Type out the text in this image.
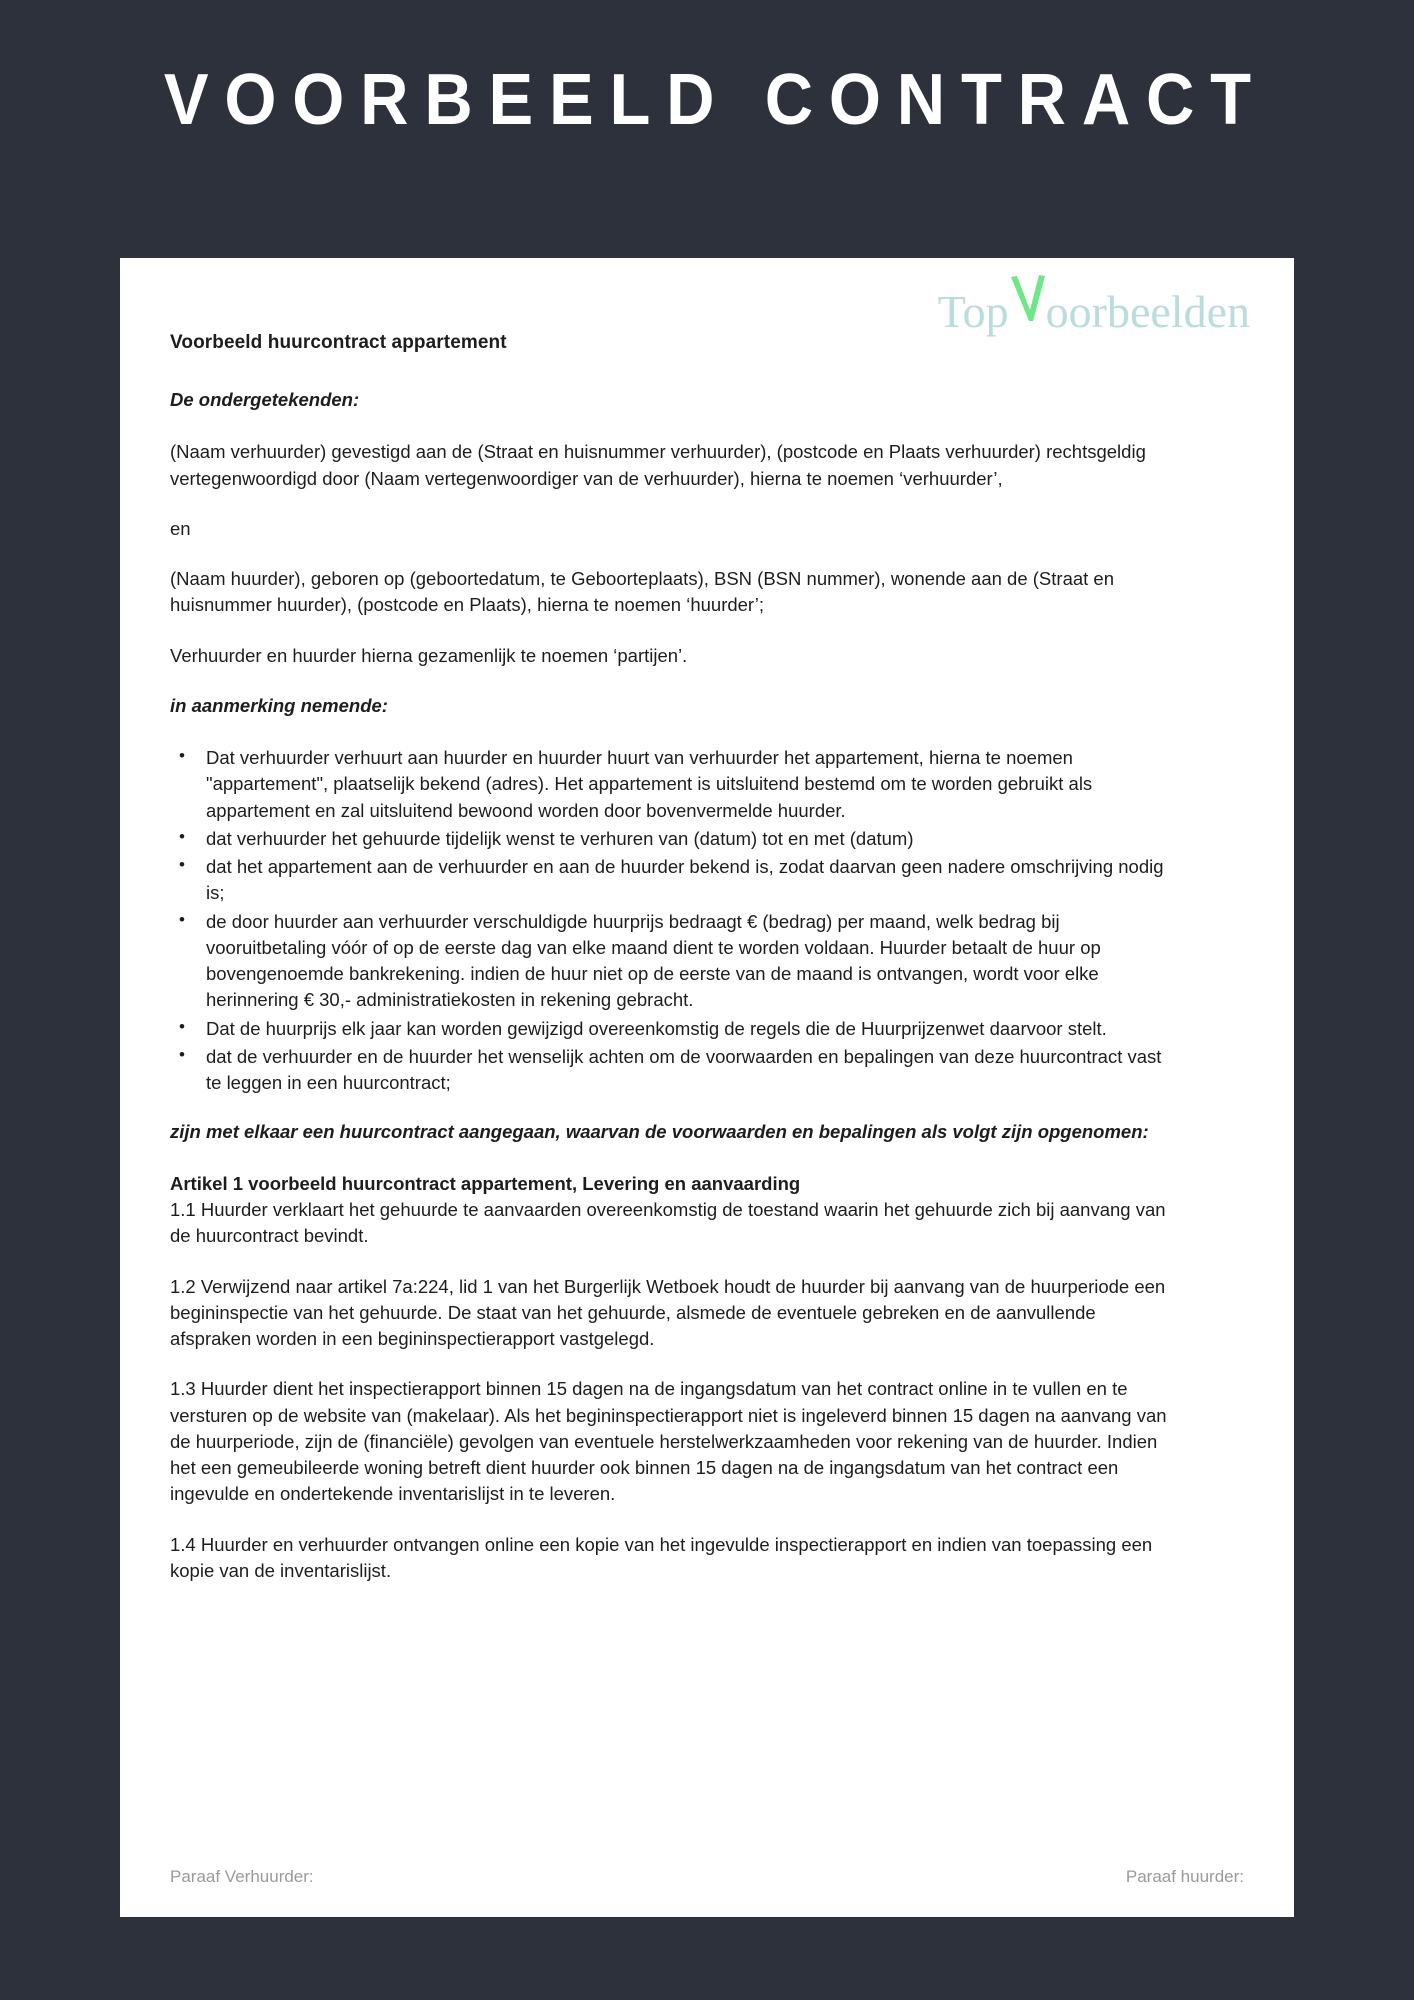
VOORBEELD CONTRACT
Top oorbeelden

Voorbeeld huurcontract appartement

De ondergetekenden:

(Naam verhuurder) gevestigd aan de (Straat en huisnummer verhuurder), (postcode en Plaats verhuurder) rechtsgeldig vertegenwoordigd door (Naam vertegenwoordiger van de verhuurder), hierna te noemen ‘verhuurder’,

en

(Naam huurder), geboren op (geboortedatum, te Geboorteplaats), BSN (BSN nummer), wonende aan de (Straat en huisnummer huurder), (postcode en Plaats), hierna te noemen ‘huurder’;

Verhuurder en huurder hierna gezamenlijk te noemen ‘partijen’.

in aanmerking nemende:

• Dat verhuurder verhuurt aan huurder en huurder huurt van verhuurder het appartement, hierna te noemen "appartement", plaatselijk bekend (adres). Het appartement is uitsluitend bestemd om te worden gebruikt als appartement en zal uitsluitend bewoond worden door bovenvermelde huurder.
• dat verhuurder het gehuurde tijdelijk wenst te verhuren van (datum) tot en met (datum)
• dat het appartement aan de verhuurder en aan de huurder bekend is, zodat daarvan geen nadere omschrijving nodig is;
• de door huurder aan verhuurder verschuldigde huurprijs bedraagt € (bedrag) per maand, welk bedrag bij vooruitbetaling vóór of op de eerste dag van elke maand dient te worden voldaan. Huurder betaalt de huur op bovengenoemde bankrekening. indien de huur niet op de eerste van de maand is ontvangen, wordt voor elke herinnering € 30,- administratiekosten in rekening gebracht.
• Dat de huurprijs elk jaar kan worden gewijzigd overeenkomstig de regels die de Huurprijzenwet daarvoor stelt.
• dat de verhuurder en de huurder het wenselijk achten om de voorwaarden en bepalingen van deze huurcontract vast te leggen in een huurcontract;

zijn met elkaar een huurcontract aangegaan, waarvan de voorwaarden en bepalingen als volgt zijn opgenomen:

Artikel 1 voorbeeld huurcontract appartement, Levering en aanvaarding

1.1 Huurder verklaart het gehuurde te aanvaarden overeenkomstig de toestand waarin het gehuurde zich bij aanvang van de huurcontract bevindt.

1.2 Verwijzend naar artikel 7a:224, lid 1 van het Burgerlijk Wetboek houdt de huurder bij aanvang van de huurperiode een begininspectie van het gehuurde. De staat van het gehuurde, alsmede de eventuele gebreken en de aanvullende afspraken worden in een begininspectierapport vastgelegd.

1.3 Huurder dient het inspectierapport binnen 15 dagen na de ingangsdatum van het contract online in te vullen en te versturen op de website van (makelaar). Als het begininspectierapport niet is ingeleverd binnen 15 dagen na aanvang van de huurperiode, zijn de (financiële) gevolgen van eventuele herstelwerkzaamheden voor rekening van de huurder. Indien het een gemeubileerde woning betreft dient huurder ook binnen 15 dagen na de ingangsdatum van het contract een ingevulde en ondertekende inventarislijst in te leveren.

1.4 Huurder en verhuurder ontvangen online een kopie van het ingevulde inspectierapport en indien van toepassing een kopie van de inventarislijst.

Paraaf Verhuurder:	Paraaf huurder:
